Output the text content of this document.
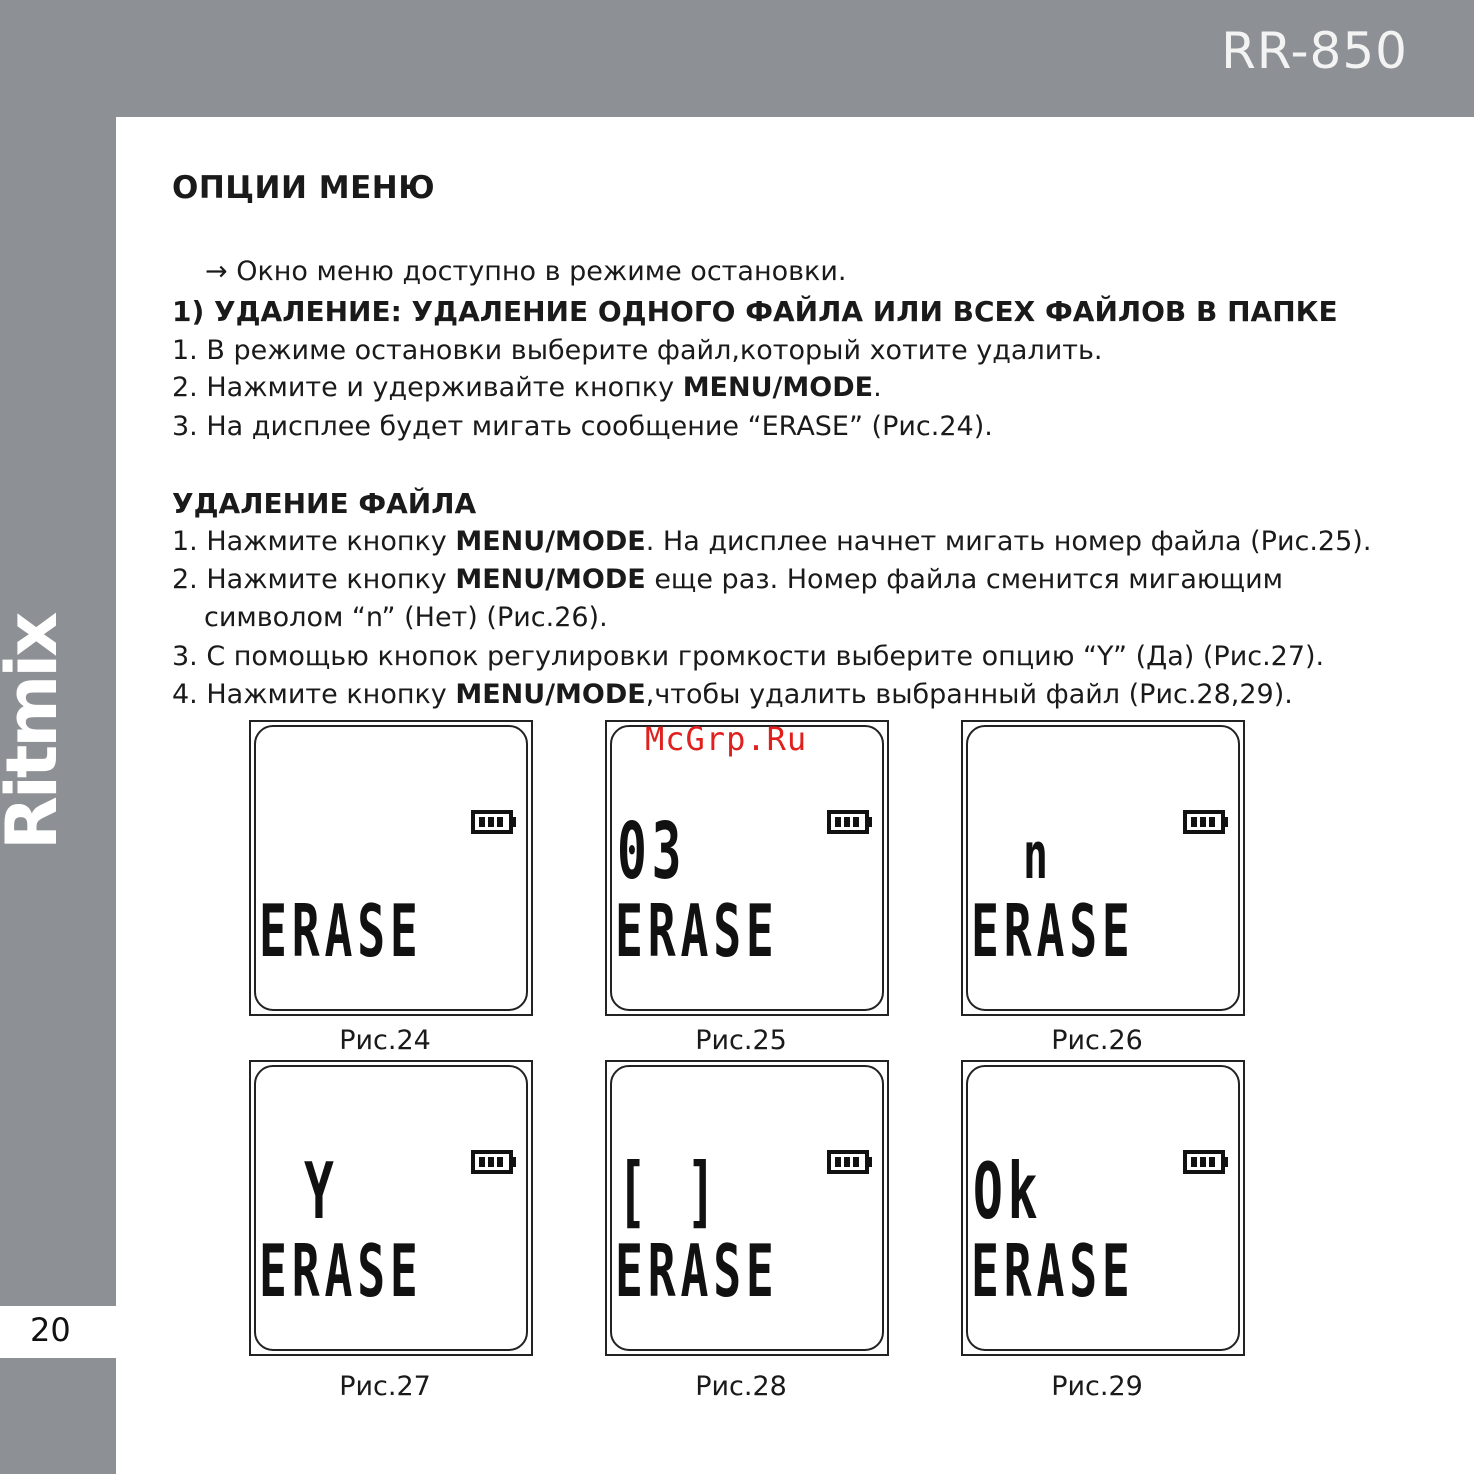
RR-850
20
ОПЦИИ МЕНЮ
→ Окно меню доступно в режиме остановки.
1) УДАЛЕНИЕ: УДАЛЕНИЕ ОДНОГО ФАЙЛА ИЛИ ВСЕХ ФАЙЛОВ В ПАПКЕ
1. В режиме остановки выберите файл,который хотите удалить.
2. Нажмите и удерживайте кнопку MENU/MODE.
3. На дисплее будет мигать сообщение “ERASE” (Рис.24).
УДАЛЕНИЕ ФАЙЛА
1. Нажмите кнопку MENU/MODE. На дисплее начнет мигать номер файла (Рис.25).
2. Нажмите кнопку MENU/MODE еще раз. Номер файла сменится мигающим
символом “n” (Нет) (Рис.26).
3. С помощью кнопок регулировки громкости выберите опцию “Y” (Да) (Рис.27).
4. Нажмите кнопку MENU/MODE,чтобы удалить выбранный файл (Рис.28,29).
ERASE
Рис.24
03
ERASE
Рис.25
n
ERASE
Рис.26
Y
ERASE
Рис.27
[ ]
ERASE
Рис.28
Ok
ERASE
Рис.29
McGrp.Ru
